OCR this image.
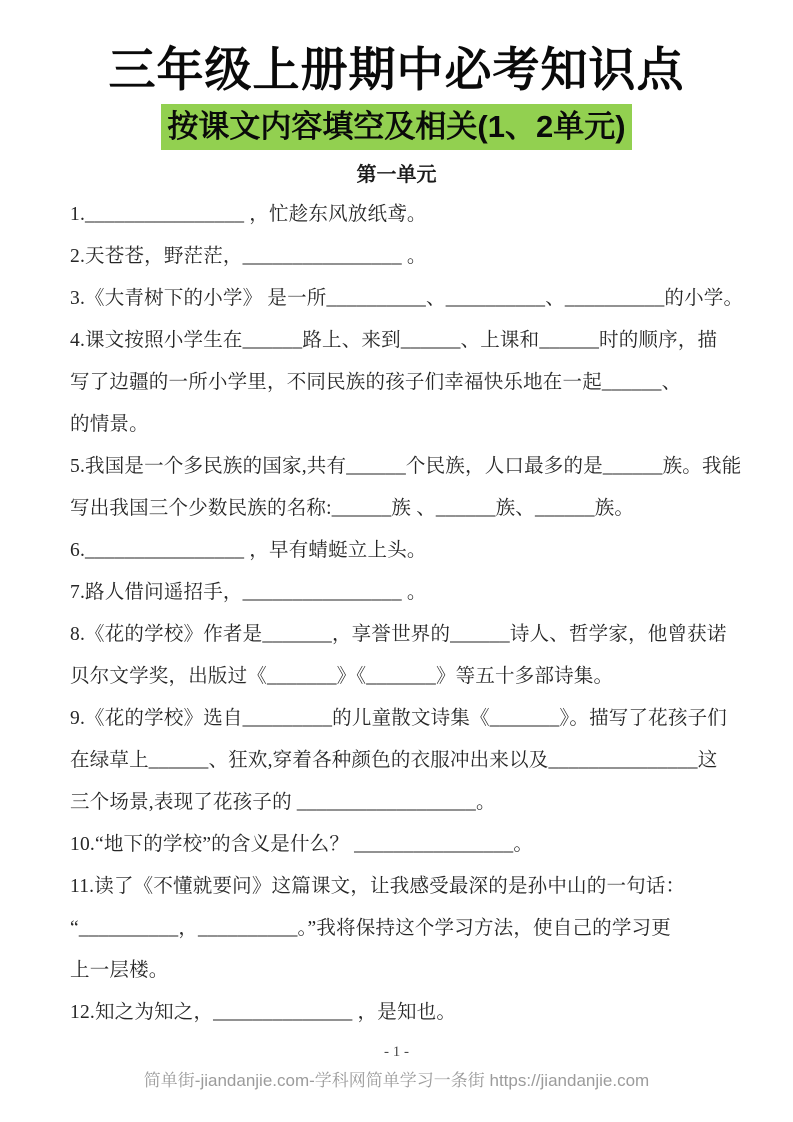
三年级上册期中必考知识点
按课文内容填空及相关(1、2单元)
第一单元
1.________________ ，忙趁东风放纸鸢。
2.天苍苍，野茫茫，________________ 。
3.《大青树下的小学》 是一所__________、__________、__________的小学。
4.课文按照小学生在______路上、来到______、上课和______时的顺序，描
写了边疆的一所小学里，不同民族的孩子们幸福快乐地在一起______、
的情景。
5.我国是一个多民族的国家,共有______个民族，人口最多的是______族。我能
写出我国三个少数民族的名称:______族 、______族、______族。
6.________________ ，早有蜻蜓立上头。
7.路人借问遥招手，________________ 。
8.《花的学校》作者是_______，享誉世界的______诗人、哲学家，他曾获诺
贝尔文学奖，出版过《_______》《_______》等五十多部诗集。
9.《花的学校》选自_________的儿童散文诗集《_______》。描写了花孩子们
在绿草上______、狂欢,穿着各种颜色的衣服冲出来以及_______________这
三个场景,表现了花孩子的 __________________。
10.“地下的学校”的含义是什么？ ________________。
11.读了《不懂就要问》这篇课文，让我感受最深的是孙中山的一句话：
“__________，__________。”我将保持这个学习方法，使自己的学习更
上一层楼。
12.知之为知之，______________ ，是知也。
- 1 -
简单街-jiandanjie.com-学科网简单学习一条街 https://jiandanjie.com
